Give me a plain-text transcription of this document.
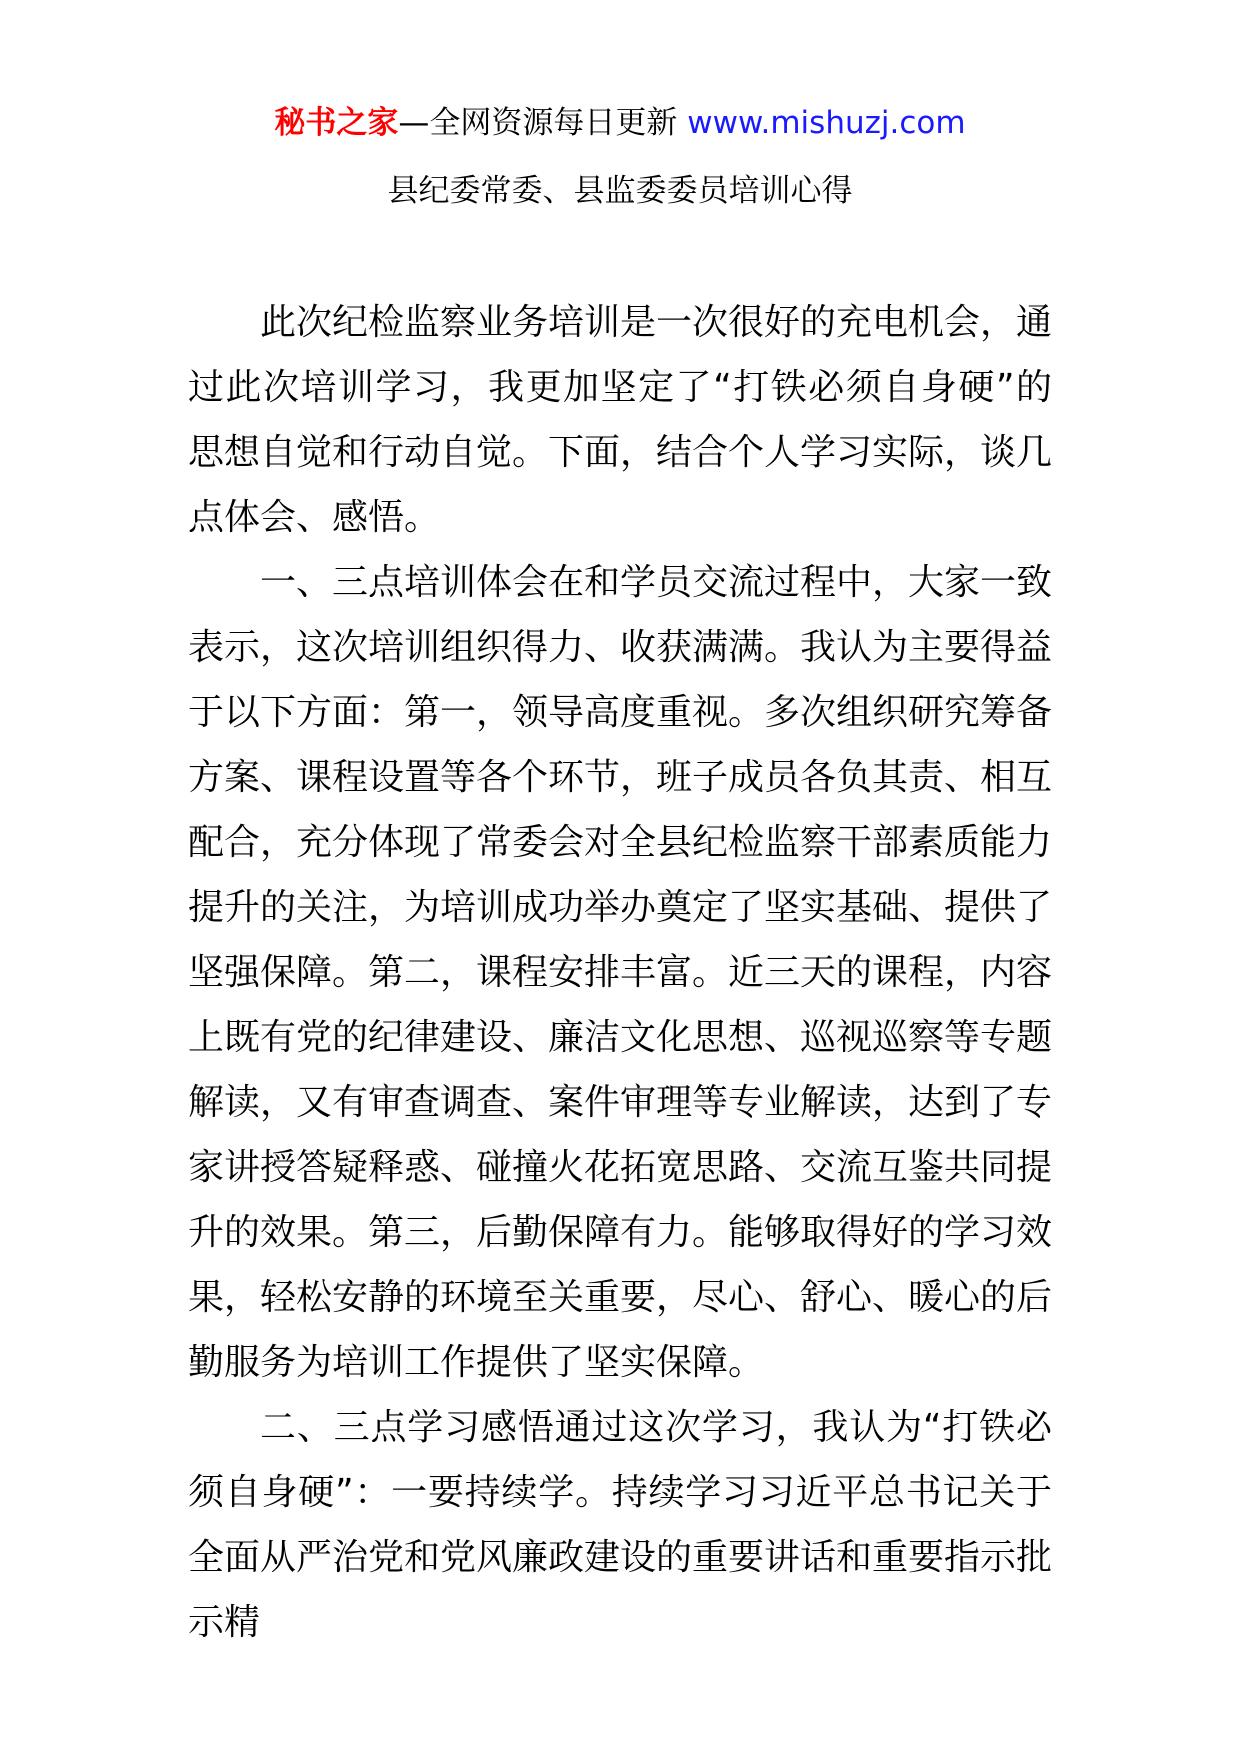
秘书之家—全网资源每日更新 www.mishuzj.com
县纪委常委、县监委委员培训心得

此次纪检监察业务培训是一次很好的充电机会，通过此次培训学习，我更加坚定了“打铁必须自身硬”的思想自觉和行动自觉。下面，结合个人学习实际，谈几点体会、感悟。

一、三点培训体会在和学员交流过程中，大家一致表示，这次培训组织得力、收获满满。我认为主要得益于以下方面：第一，领导高度重视。多次组织研究筹备方案、课程设置等各个环节，班子成员各负其责、相互配合，充分体现了常委会对全县纪检监察干部素质能力提升的关注，为培训成功举办奠定了坚实基础、提供了坚强保障。第二，课程安排丰富。近三天的课程，内容上既有党的纪律建设、廉洁文化思想、巡视巡察等专题解读，又有审查调查、案件审理等专业解读，达到了专家讲授答疑释惑、碰撞火花拓宽思路、交流互鉴共同提升的效果。第三，后勤保障有力。能够取得好的学习效果，轻松安静的环境至关重要，尽心、舒心、暖心的后勤服务为培训工作提供了坚实保障。

二、三点学习感悟通过这次学习，我认为“打铁必须自身硬”：一要持续学。持续学习习近平总书记关于全面从严治党和党风廉政建设的重要讲话和重要指示批示精
